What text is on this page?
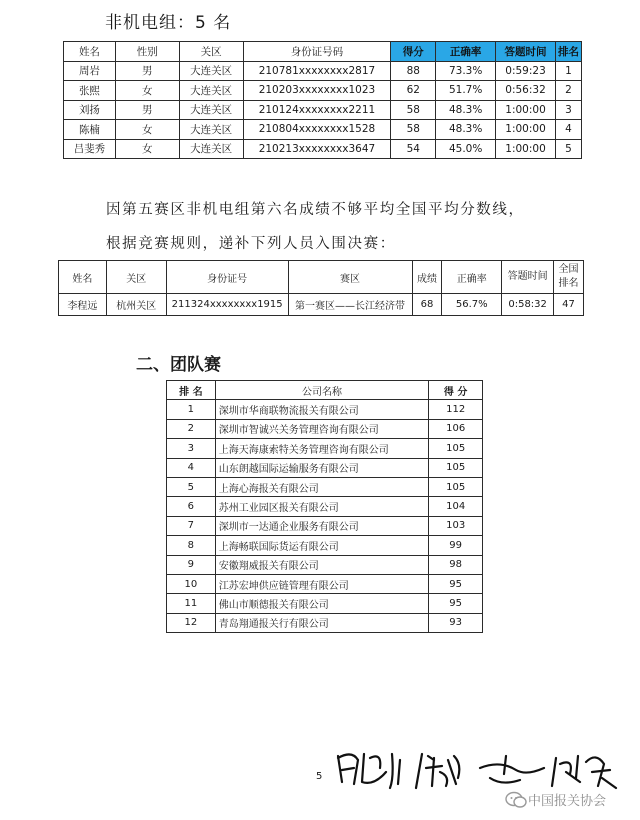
非机电组：5 名
姓名	性别	关区	身份证号码	得分	正确率	答题时间	排名
周岩	男	大连关区	210781xxxxxxxx2817	88	73.3%	0:59:23	1
张熙	女	大连关区	210203xxxxxxxx1023	62	51.7%	0:56:32	2
刘扬	男	大连关区	210124xxxxxxxx2211	58	48.3%	1:00:00	3
陈楠	女	大连关区	210804xxxxxxxx1528	58	48.3%	1:00:00	4
吕斐秀	女	大连关区	210213xxxxxxxx3647	54	45.0%	1:00:00	5
因第五赛区非机电组第六名成绩不够平均全国平均分数线，
根据竞赛规则，递补下列人员入围决赛：
姓名	关区	身份证号	赛区	成绩	正确率	答题时间	全国排名
李程远	杭州关区	211324xxxxxxxx1915	第一赛区——长江经济带	68	56.7%	0:58:32	47
二、团队赛
排 名	公司名称	得 分
1	深圳市华商联物流报关有限公司	112
2	深圳市智诚兴关务管理咨询有限公司	106
3	上海天海康索特关务管理咨询有限公司	105
4	山东朗越国际运输服务有限公司	105
5	上海心海报关有限公司	105
6	苏州工业园区报关有限公司	104
7	深圳市一达通企业服务有限公司	103
8	上海畅联国际货运有限公司	99
9	安徽翔威报关有限公司	98
10	江苏宏坤供应链管理有限公司	95
11	佛山市顺德报关有限公司	95
12	青岛翔通报关行有限公司	93
5
中国报关协会
